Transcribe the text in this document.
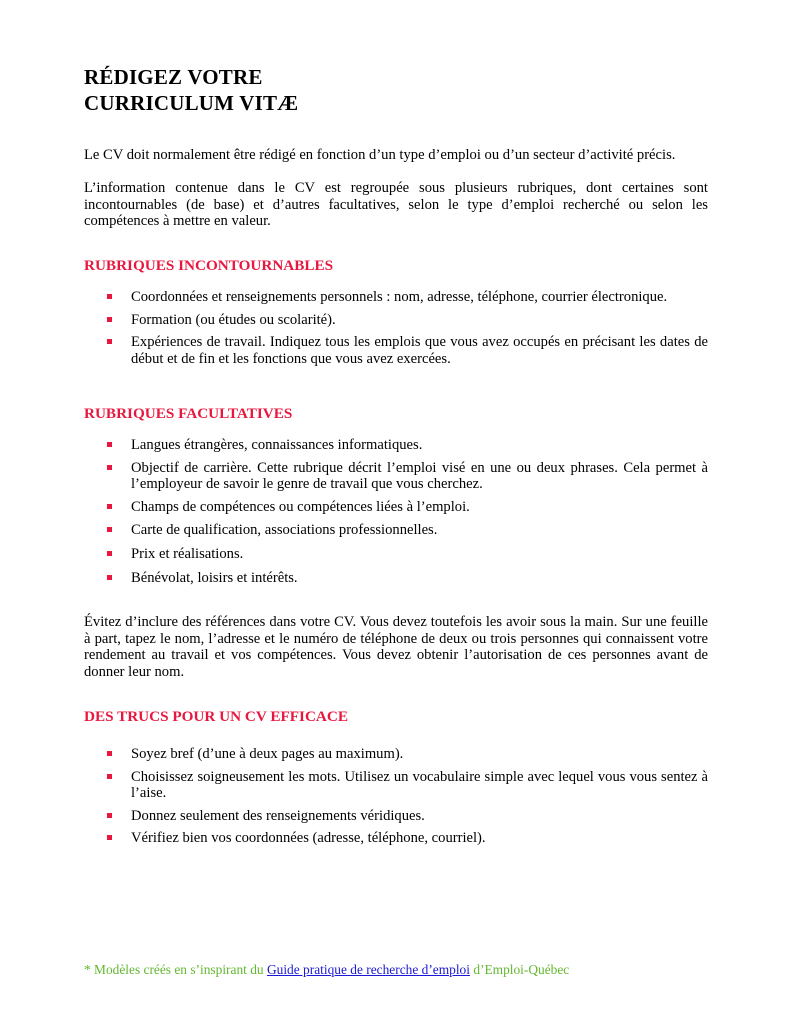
RÉDIGEZ VOTRE
CURRICULUM VITÆ

Le CV doit normalement être rédigé en fonction d’un type d’emploi ou d’un secteur d’activité précis.

L’information contenue dans le CV est regroupée sous plusieurs rubriques, dont certaines sont incontournables (de base) et d’autres facultatives, selon le type d’emploi recherché ou selon les compétences à mettre en valeur.

RUBRIQUES INCONTOURNABLES
Coordonnées et renseignements personnels : nom, adresse, téléphone, courrier électronique.
Formation (ou études ou scolarité).
Expériences de travail. Indiquez tous les emplois que vous avez occupés en précisant les dates de début et de fin et les fonctions que vous avez exercées.
RUBRIQUES FACULTATIVES
Langues étrangères, connaissances informatiques.
Objectif de carrière. Cette rubrique décrit l’emploi visé en une ou deux phrases. Cela permet à l’employeur de savoir le genre de travail que vous cherchez.
Champs de compétences ou compétences liées à l’emploi.
Carte de qualification, associations professionnelles.
Prix et réalisations.
Bénévolat, loisirs et intérêts.

Évitez d’inclure des références dans votre CV. Vous devez toutefois les avoir sous la main. Sur une feuille à part, tapez le nom, l’adresse et le numéro de téléphone de deux ou trois personnes qui connaissent votre rendement au travail et vos compétences. Vous devez obtenir l’autorisation de ces personnes avant de donner leur nom.

DES TRUCS POUR UN CV EFFICACE
Soyez bref (d’une à deux pages au maximum).
Choisissez soigneusement les mots. Utilisez un vocabulaire simple avec lequel vous vous sentez à l’aise.
Donnez seulement des renseignements véridiques.
Vérifiez bien vos coordonnées (adresse, téléphone, courriel).

* Modèles créés en s’inspirant du Guide pratique de recherche d’emploi d’Emploi-Québec
